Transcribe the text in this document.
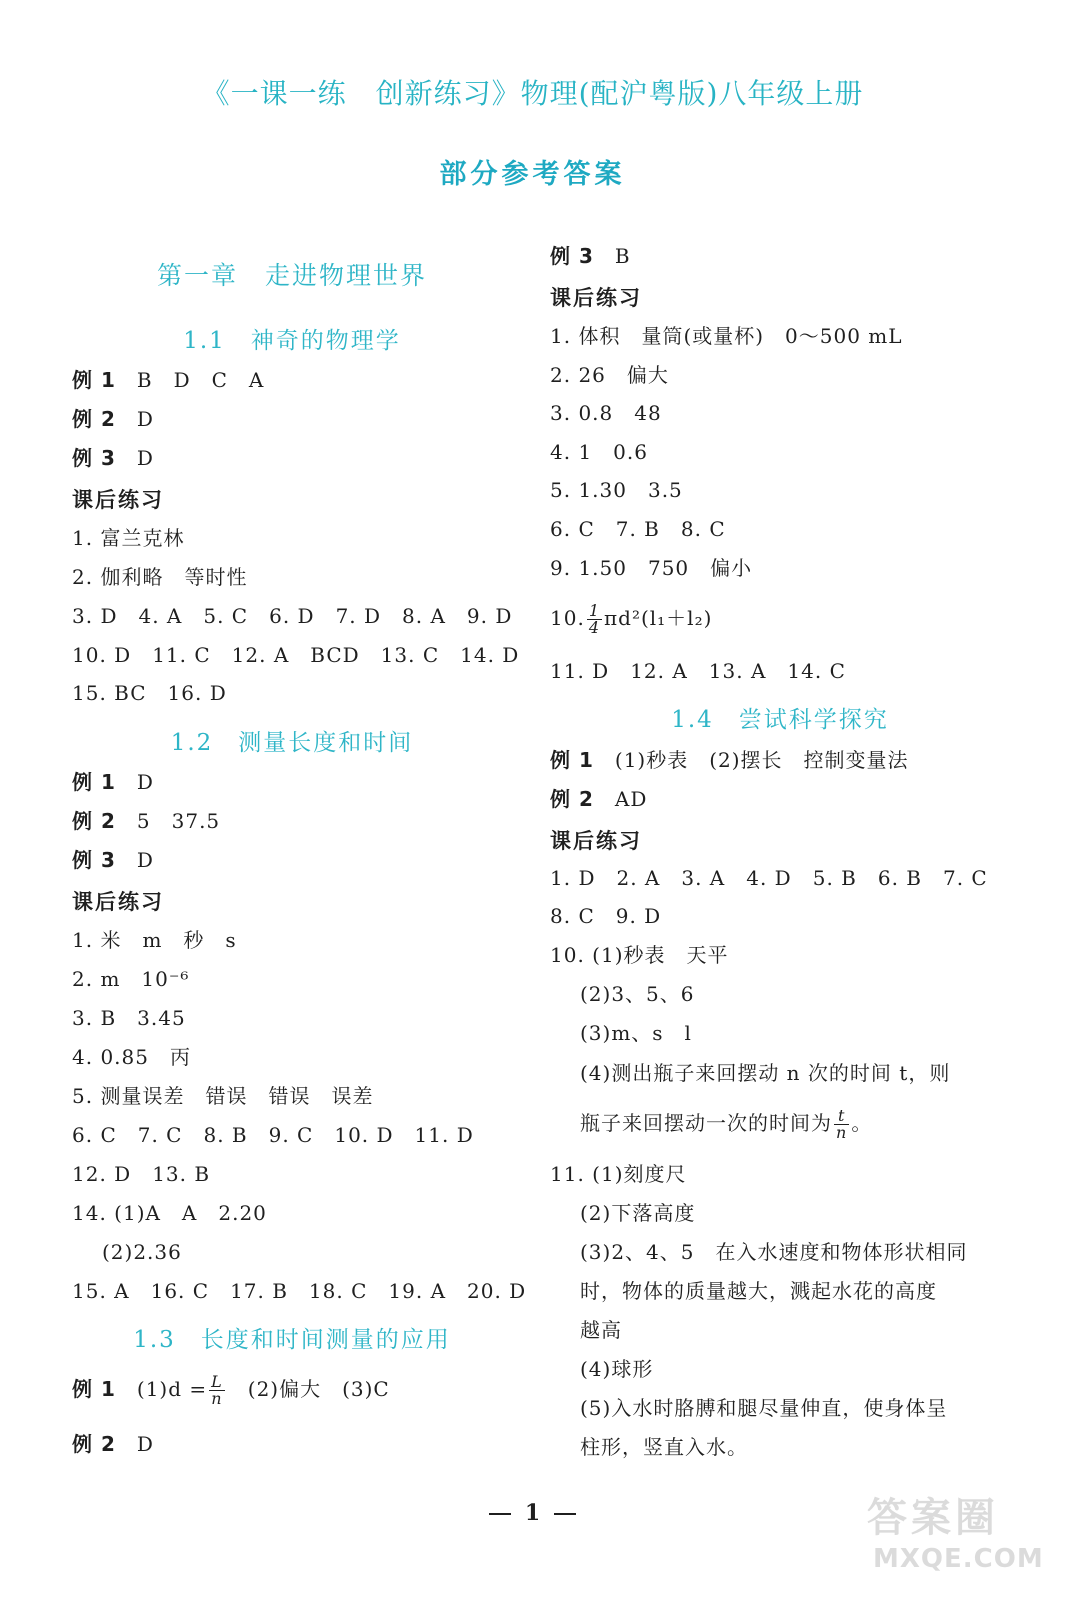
《一课一练　创新练习》物理(配沪粤版)八年级上册
部分参考答案
第一章　走进物理世界
1.1　神奇的物理学
例 1　 B　D　C　A
例 2　 D
例 3　 D
课后练习
1. 富兰克林
2. 伽利略　等时性
3. D　4. A　5. C　6. D　7. D　8. A　9. D
10. D　11. C　12. A　BCD　13. C　14. D
15. BC　16. D
1.2　测量长度和时间
例 1　 D
例 2　 5　37.5
例 3　 D
课后练习
1. 米　m　秒　s
2. m　10⁻⁶
3. B　3.45
4. 0.85　丙
5. 测量误差　错误　错误　误差
6. C　7. C　8. B　9. C　10. D　11. D
12. D　13. B
14. (1)A　A　2.20
(2)2.36
15. A　16. C　17. B　18. C　19. A　20. D
1.3　长度和时间测量的应用
例 1　 $(1)d = \frac{L}{n}$
　 (2)偏大　(3)C
例 2　 D
例 3　 B
课后练习
1. 体积　量筒(或量杯)　0～500 mL
2. 26　偏大
3. 0.8　48
4. 1　0.6
5. 1.30　3.5
6. C　7. B　8. C
9. 1.50　750　偏小
10. $\frac{1}{4} \pi d^2(l_1+l_2)$
11. D　12. A　13. A　14. C
1.4　尝试科学探究
例 1　 (1)秒表　(2)摆长　控制变量法
例 2　 AD
课后练习
1. D　2. A　3. A　4. D　5. B　6. B　7. C
8. C　9. D
10. (1)秒表　天平
(2)3、5、6
(3)m、s　l
(4)测出瓶子来回摆动 n 次的时间 t，则
瓶子来回摆动一次的时间为 $\frac{t}{n}$ 。
11. (1)刻度尺
(2)下落高度
(3)2、4、5　在入水速度和物体形状相同
时，物体的质量越大，溅起水花的高度
越高
(4)球形
(5)入水时胳膊和腿尽量伸直，使身体呈
柱形，竖直入水。
1	答案圈
MXQE.COM
